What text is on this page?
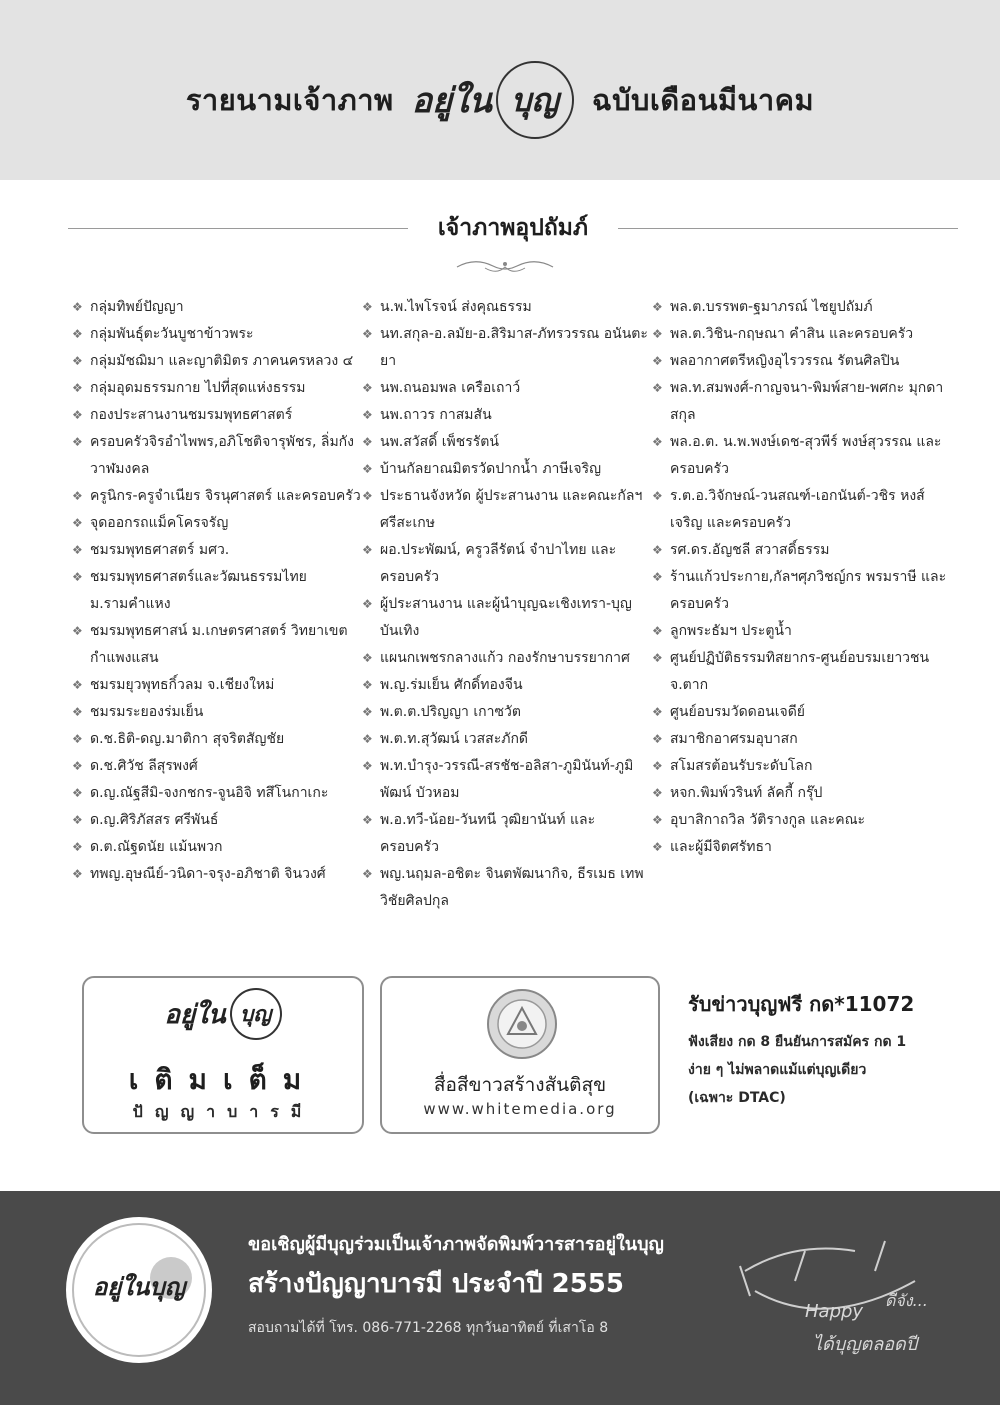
รายนามเจ้าภาพ อยู่ใน บุญ ฉบับเดือนมีนาคม
เจ้าภาพอุปถัมภ์
❖ กลุ่มทิพย์ปัญญา
❖ กลุ่มพันธุ์ตะวันบูชาข้าวพระ
❖ กลุ่มมัชฌิมา และญาติมิตร ภาคนครหลวง ๔
❖ กลุ่มอุดมธรรมกาย ไปที่สุดแห่งธรรม
❖ กองประสานงานชมรมพุทธศาสตร์
❖ ครอบครัวจิรอำไพพร,อภิโชติจารุพัชร, ลิ่มกังวาฬมงคล
❖ ครูนิกร-ครูจำเนียร จิรนุศาสตร์ และครอบครัว
❖ จุดออกรถแม็คโครจรัญ
❖ ชมรมพุทธศาสตร์ มศว.
❖ ชมรมพุทธศาสตร์และวัฒนธรรมไทย ม.รามคำแหง
❖ ชมรมพุทธศาสน์ ม.เกษตรศาสตร์ วิทยาเขต กำแพงแสน
❖ ชมรมยุวพุทธกิ์วลม จ.เชียงใหม่
❖ ชมรมระยองร่มเย็น
❖ ด.ช.ธิติ-ดญ.มาติกา สุจริตสัญชัย
❖ ด.ช.ศิวัช ลีสุรพงศ์
❖ ด.ญ.ณัฐสีมิ-จงกชกร-จูนอิจิ ทสึโนกาเกะ
❖ ด.ญ.ศิริภัสสร ศรีพันธ์
❖ ด.ต.ณัฐดนัย แม้นพวก
❖ ทพญ.อุษณีย์-วนิดา-จรุง-อภิชาติ จินวงศ์
❖ น.พ.ไพโรจน์ ส่งคุณธรรม
❖ นท.สกุล-อ.ลมัย-อ.สิริมาส-ภัทรวรรณ อนันตะยา
❖ นพ.ถนอมพล เครือเถาว์
❖ นพ.ถาวร กาสมสัน
❖ นพ.สวัสดิ์ เพ็ชรรัตน์
❖ บ้านกัลยาณมิตรวัดปากน้ำ ภาษีเจริญ
❖ ประธานจังหวัด ผู้ประสานงาน และคณะกัลฯศรีสะเกษ
❖ ผอ.ประพัฒน์, ครูวลีรัตน์ จำปาไทย และครอบครัว
❖ ผู้ประสานงาน และผู้นำบุญฉะเชิงเทรา-บุญบันเทิง
❖ แผนกเพชรกลางแก้ว กองรักษาบรรยากาศ
❖ พ.ญ.ร่มเย็น ศักดิ์ทองจีน
❖ พ.ต.ต.ปริญญา เกาซวัต
❖ พ.ต.ท.สุวัฒน์ เวสสะภักดี
❖ พ.ท.บำรุง-วรรณี-สรชัช-อลิสา-ภูมินันท์-ภูมิพัฒน์ บัวหอม
❖ พ.อ.ทวี-น้อย-วันทนี วุฒิยานันท์ และครอบครัว
❖ พญ.นฤมล-อชิตะ จินตพัฒนากิจ, ธีรเมธ เทพวิชัยศิลปกุล
❖ พล.ต.บรรพต-ฐมาภรณ์ ไชยูปถัมภ์
❖ พล.ต.วิชิน-กฤษณา คำสิน และครอบครัว
❖ พลอากาศตรีหญิงอุไรวรรณ รัตนศิลปิน
❖ พล.ท.สมพงศ์-กาญจนา-พิมพ์สาย-พศกะ มุกดาสกุล
❖ พล.อ.ต. น.พ.พงษ์เดช-สุวพีร์ พงษ์สุวรรณ และครอบครัว
❖ ร.ต.อ.วิจักษณ์-วนสณฑ์-เอกนันต์-วชิร หงส์เจริญ และครอบครัว
❖ รศ.ดร.อัญชลี สวาสดิ์ธรรม
❖ ร้านแก้วประกาย,กัลฯศุภวิชญ์กร พรมราษี และครอบครัว
❖ ลูกพระธัมฯ ประตูน้ำ
❖ ศูนย์ปฏิบัติธรรมทิสยากร-ศูนย์อบรมเยาวชน จ.ตาก
❖ ศูนย์อบรมวัดดอนเจดีย์
❖ สมาชิกอาศรมอุบาสก
❖ สโมสรต้อนรับระดับโลก
❖ หจก.พิมพ์วรินท์ ลัคกี้ กรุ๊ป
❖ อุบาสิกาถวิล วัติรางกูล และคณะ
❖ และผู้มีจิตศรัทธา
อยู่ใน บุญ
เติมเต็ม
ปัญญาบารมี
สื่อสีขาวสร้างสันติสุข
www.whitemedia.org
รับข่าวบุญฟรี กด*11072
ฟังเสียง กด 8 ยืนยันการสมัคร กด 1
ง่าย ๆ ไม่พลาดแม้แต่บุญเดียว
(เฉพาะ DTAC)
อยู่ในบุญ
ขอเชิญผู้มีบุญร่วมเป็นเจ้าภาพจัดพิมพ์วารสารอยู่ในบุญ
สร้างปัญญาบารมี ประจำปี 2555
สอบถามได้ที่ โทร. 086-771-2268 ทุกวันอาทิตย์ ที่เสาโอ 8
Happy
ดีจัง...
ได้บุญตลอดปี
